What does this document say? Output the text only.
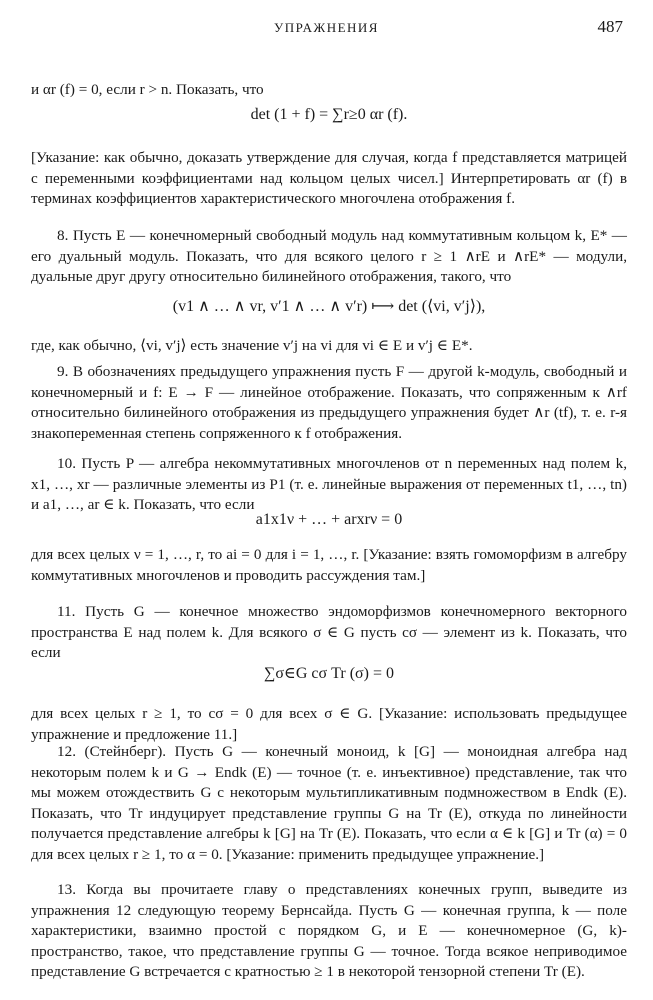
УПРАЖНЕНИЯ	487
и αr (f) = 0, если r > n. Показать, что
det (1 + f) = ∑r≥0 αr (f).
[Указание: как обычно, доказать утверждение для случая, когда f представляется матрицей с переменными коэффициентами над кольцом целых чисел.] Интерпретировать αr (f) в терминах коэффициентов характеристического многочлена отображения f.
8. Пусть E — конечномерный свободный модуль над коммутативным кольцом k, E* — его дуальный модуль. Показать, что для всякого целого r ≥ 1 ∧rE и ∧rE* — модули, дуальные друг другу относительно билинейного отображения, такого, что
(v1 ∧ … ∧ vr, v′1 ∧ … ∧ v′r) ⟼ det (⟨vi, v′j⟩),
где, как обычно, ⟨vi, v′j⟩ есть значение v′j на vi для vi ∈ E и v′j ∈ E*.
9. В обозначениях предыдущего упражнения пусть F — другой k-модуль, свободный и конечномерный и f: E → F — линейное отображение. Показать, что сопряженным к ∧rf относительно билинейного отображения из предыдущего упражнения будет ∧r (tf), т. е. r-я знакопеременная степень сопряженного к f отображения.
10. Пусть P — алгебра некоммутативных многочленов от n переменных над полем k, x1, …, xr — различные элементы из P1 (т. е. линейные выражения от переменных t1, …, tn) и a1, …, ar ∈ k. Показать, что если
a1x1ν + … + arxrν = 0
для всех целых ν = 1, …, r, то ai = 0 для i = 1, …, r. [Указание: взять гомоморфизм в алгебру коммутативных многочленов и проводить рассуждения там.]
11. Пусть G — конечное множество эндоморфизмов конечномерного векторного пространства E над полем k. Для всякого σ ∈ G пусть cσ — элемент из k. Показать, что если
∑σ∈G cσ Tr (σ) = 0
для всех целых r ≥ 1, то cσ = 0 для всех σ ∈ G. [Указание: использовать предыдущее упражнение и предложение 11.]
12. (Стейнберг). Пусть G — конечный моноид, k [G] — моноидная алгебра над некоторым полем k и G → Endk (E) — точное (т. е. инъективное) представление, так что мы можем отождествить G с некоторым мультипликативным подмножеством в Endk (E). Показать, что Tr индуцирует представление группы G на Tr (E), откуда по линейности получается представление алгебры k [G] на Tr (E). Показать, что если α ∈ k [G] и Tr (α) = 0 для всех целых r ≥ 1, то α = 0. [Указание: применить предыдущее упражнение.]
13. Когда вы прочитаете главу о представлениях конечных групп, выведите из упражнения 12 следующую теорему Бернсайда. Пусть G — конечная группа, k — поле характеристики, взаимно простой с порядком G, и E — конечномерное (G, k)-пространство, такое, что представление группы G — точное. Тогда всякое неприводимое представление G встречается с кратностью ≥ 1 в некоторой тензорной степени Tr (E).
